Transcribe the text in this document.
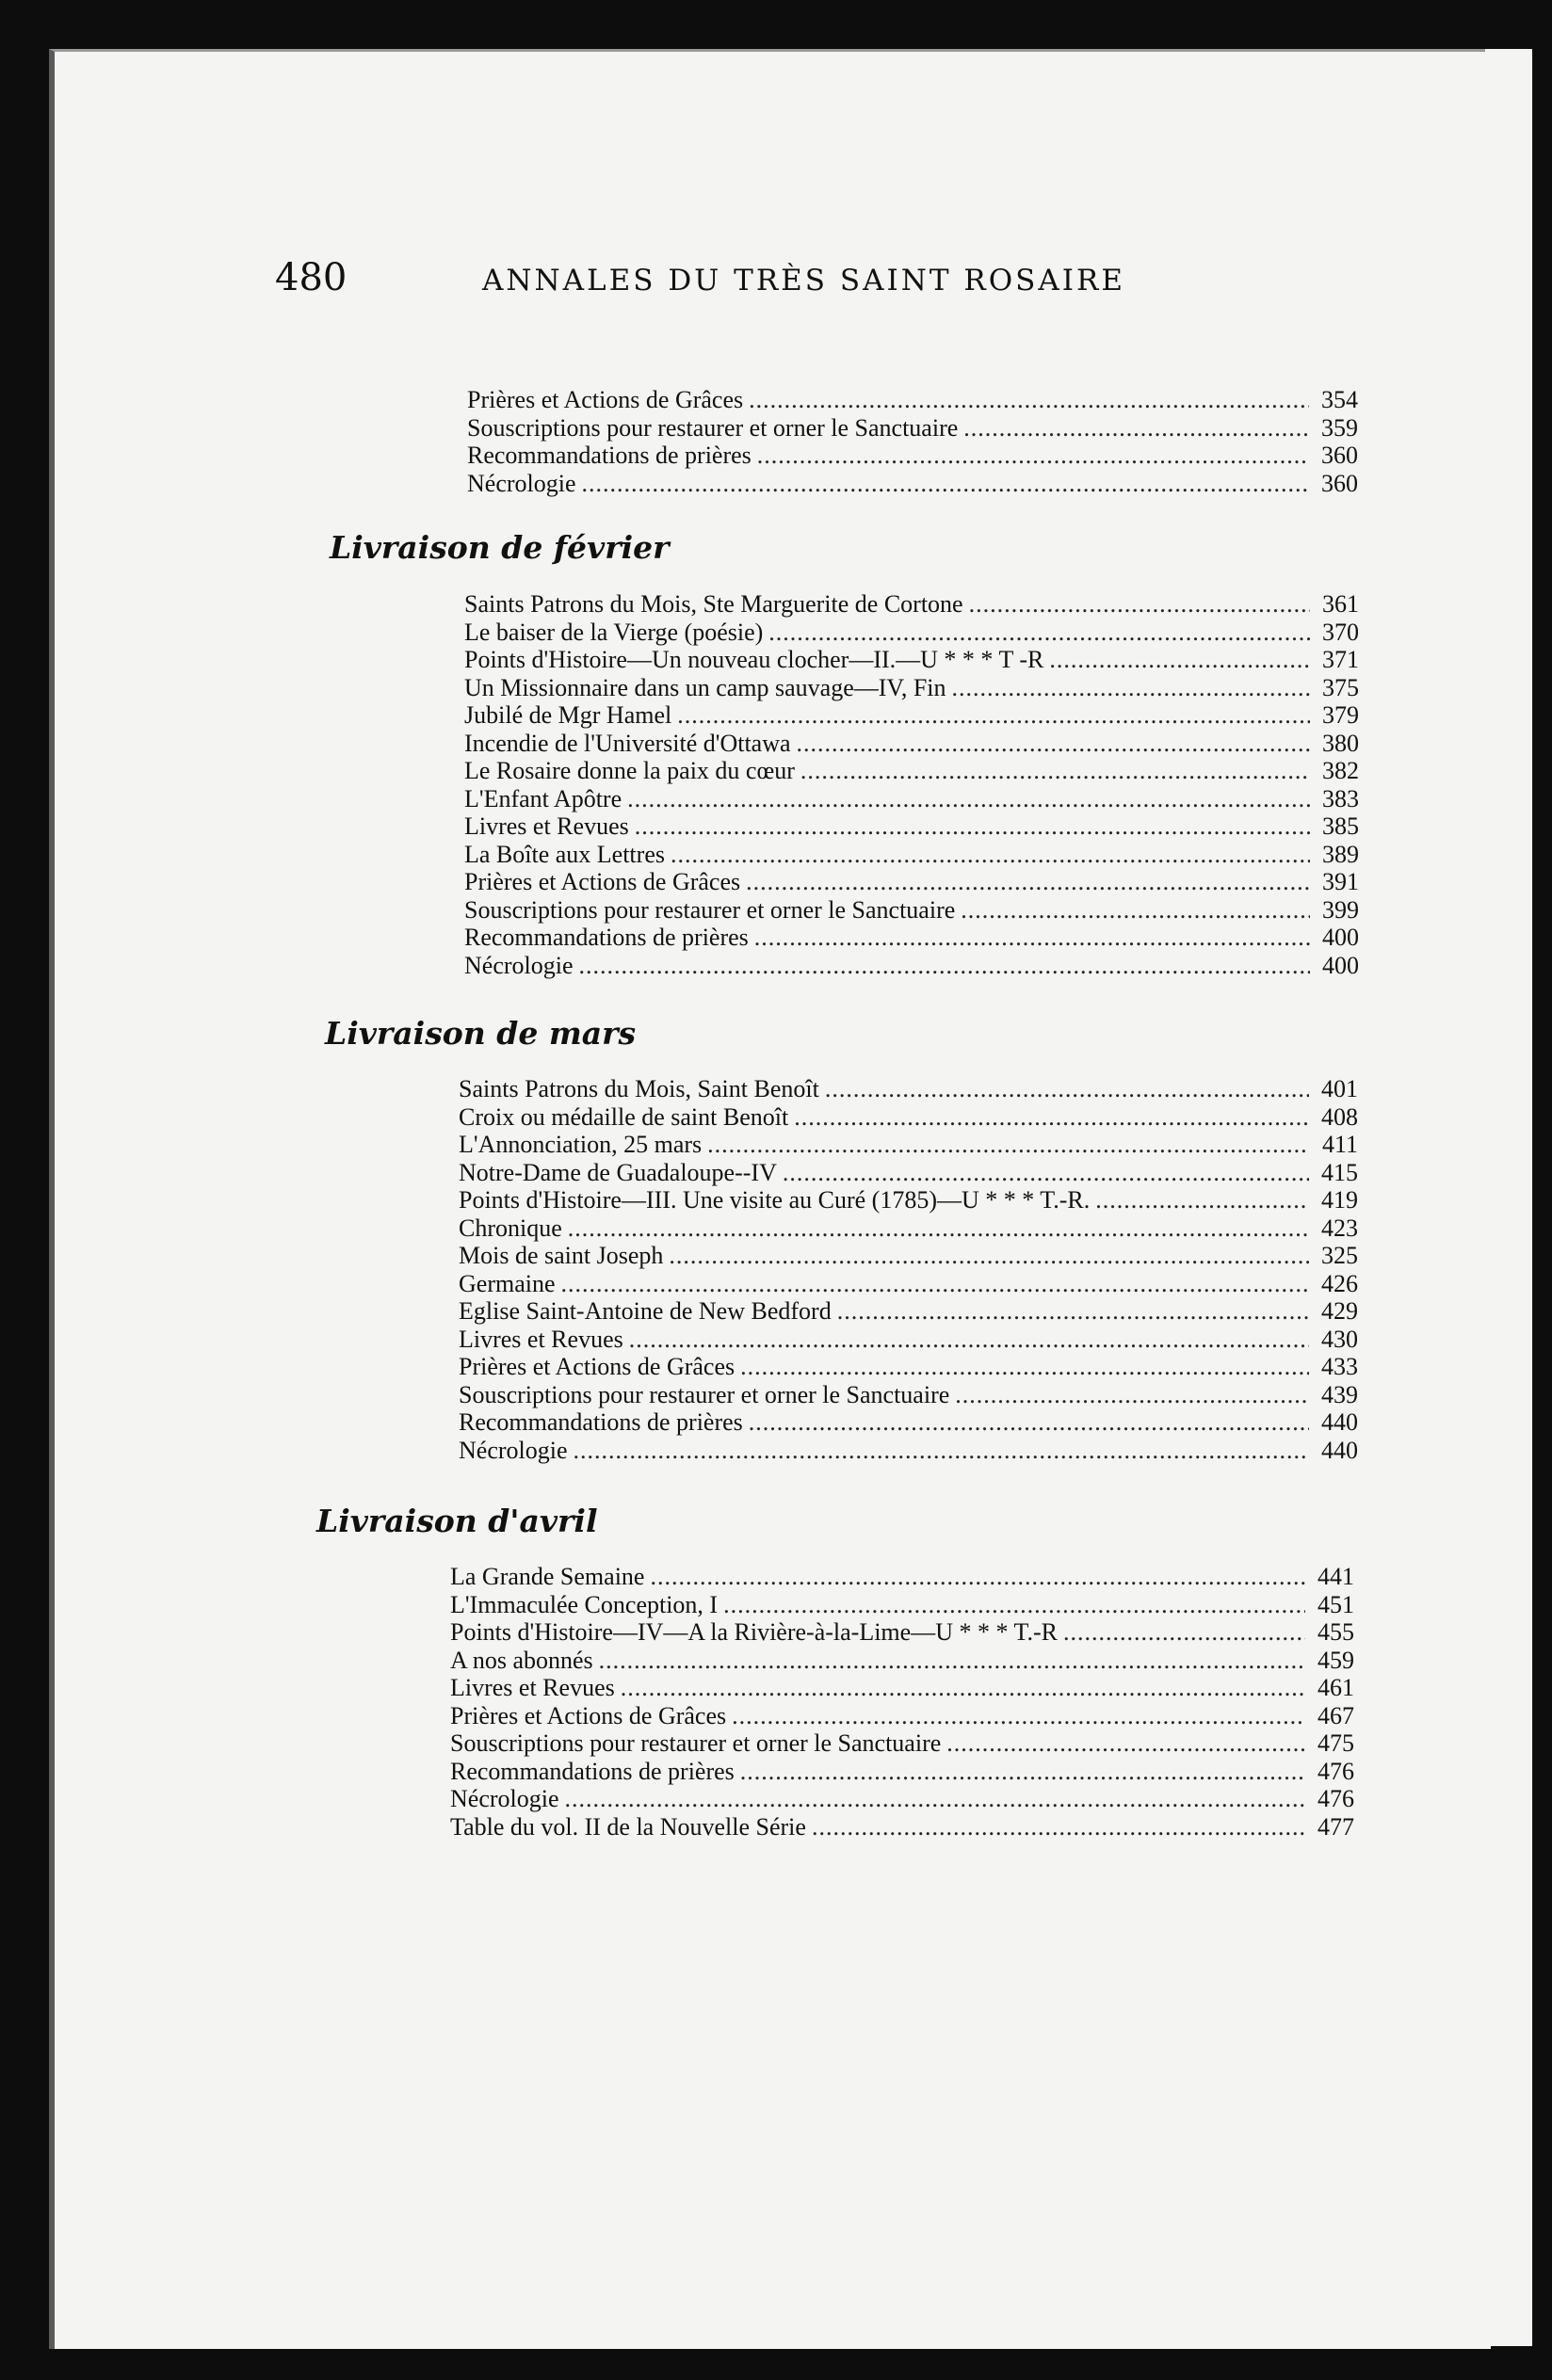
480	ANNALES DU TRÈS SAINT ROSAIRE
Prières et Actions de Grâces .....	354
Souscriptions pour restaurer et orner le Sanctuaire .....	359
Recommandations de prières .....	360
Nécrologie .....	360
Livraison de février
Saints Patrons du Mois, Ste Marguerite de Cortone .....	361
Le baiser de la Vierge (poésie) .....	370
Points d'Histoire—Un nouveau clocher—II.—U * * * T -R .....	371
Un Missionnaire dans un camp sauvage—IV, Fin .....	375
Jubilé de Mgr Hamel .....	379
Incendie de l'Université d'Ottawa .....	380
Le Rosaire donne la paix du cœur .....	382
L'Enfant Apôtre .....	383
Livres et Revues .....	385
La Boîte aux Lettres .....	389
Prières et Actions de Grâces .....	391
Souscriptions pour restaurer et orner le Sanctuaire .....	399
Recommandations de prières .....	400
Nécrologie .....	400
Livraison de mars
Saints Patrons du Mois, Saint Benoît .....	401
Croix ou médaille de saint Benoît .....	408
L'Annonciation, 25 mars .....	411
Notre-Dame de Guadaloupe--IV .....	415
Points d'Histoire—III. Une visite au Curé (1785)—U * * * T.-R. .....	419
Chronique .....	423
Mois de saint Joseph .....	325
Germaine .....	426
Eglise Saint-Antoine de New Bedford .....	429
Livres et Revues .....	430
Prières et Actions de Grâces .....	433
Souscriptions pour restaurer et orner le Sanctuaire .....	439
Recommandations de prières .....	440
Nécrologie .....	440
Livraison d'avril
La Grande Semaine .....	441
L'Immaculée Conception, I .....	451
Points d'Histoire—IV—A la Rivière-à-la-Lime—U * * * T.-R .....	455
A nos abonnés .....	459
Livres et Revues .....	461
Prières et Actions de Grâces .....	467
Souscriptions pour restaurer et orner le Sanctuaire .....	475
Recommandations de prières .....	476
Nécrologie .....	476
Table du vol. II de la Nouvelle Série .....	477
